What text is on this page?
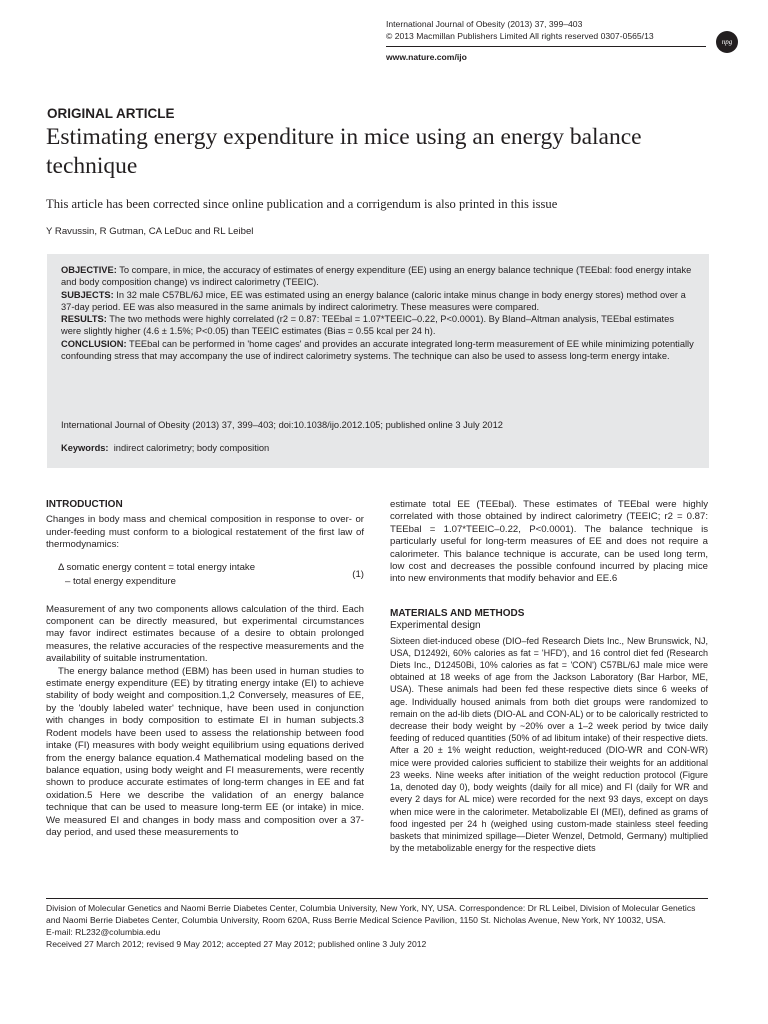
International Journal of Obesity (2013) 37, 399–403
© 2013 Macmillan Publishers Limited All rights reserved 0307-0565/13
www.nature.com/ijo
npg
ORIGINAL ARTICLE
Estimating energy expenditure in mice using an energy balance technique
This article has been corrected since online publication and a corrigendum is also printed in this issue
Y Ravussin, R Gutman, CA LeDuc and RL Leibel

OBJECTIVE: To compare, in mice, the accuracy of estimates of energy expenditure (EE) using an energy balance technique (TEEbal: food energy intake and body composition change) vs indirect calorimetry (TEEIC).

SUBJECTS: In 32 male C57BL/6J mice, EE was estimated using an energy balance (caloric intake minus change in body energy stores) method over a 37-day period. EE was also measured in the same animals by indirect calorimetry. These measures were compared.

RESULTS: The two methods were highly correlated (r2 = 0.87: TEEbal = 1.07*TEEIC–0.22, P<0.0001). By Bland–Altman analysis, TEEbal estimates were slightly higher (4.6 ± 1.5%; P<0.05) than TEEIC estimates (Bias = 0.55 kcal per 24 h).

CONCLUSION: TEEbal can be performed in 'home cages' and provides an accurate integrated long-term measurement of EE while minimizing potentially confounding stress that may accompany the use of indirect calorimetry systems. The technique can also be used to assess long-term energy intake.

International Journal of Obesity (2013) 37, 399–403; doi:10.1038/ijo.2012.105; published online 3 July 2012
Keywords: indirect calorimetry; body composition
INTRODUCTION

Changes in body mass and chemical composition in response to over- or under-feeding must conform to a biological restatement of the first law of thermodynamics:

Δ somatic energy content = total energy intake
– total energy expenditure
(1)

Measurement of any two components allows calculation of the third. Each component can be directly measured, but experimental circumstances may favor indirect estimates because of a desire to obtain prolonged measures, the relative accuracies of the respective measurements and the availability of suitable instrumentation.

The energy balance method (EBM) has been used in human studies to estimate energy expenditure (EE) by titrating energy intake (EI) to achieve stability of body weight and composition.1,2 Conversely, measures of EE, by the 'doubly labeled water' technique, have been used in conjunction with changes in body composition to estimate EI in human subjects.3 Rodent models have been used to assess the relationship between food intake (FI) measures with body weight equilibrium using equations derived from the energy balance equation.4 Mathematical modeling based on the balance equation, using body weight and FI measurements, were recently shown to produce accurate estimates of long-term changes in EE and fat oxidation.5 Here we describe the validation of an energy balance technique that can be used to measure long-term EE (or intake) in mice. We measured EI and changes in body mass and composition over a 37-day period, and used these measurements to

estimate total EE (TEEbal). These estimates of TEEbal were highly correlated with those obtained by indirect calorimetry (TEEIC; r2 = 0.87: TEEbal = 1.07*TEEIC–0.22, P<0.0001). The balance technique is particularly useful for long-term measures of EE and does not require a calorimeter. This balance technique is accurate, can be used long term, low cost and decreases the possible confound incurred by placing mice into new environments that modify behavior and EE.6

MATERIALS AND METHODS

Experimental design

Sixteen diet-induced obese (DIO–fed Research Diets Inc., New Brunswick, NJ, USA, D12492i, 60% calories as fat = 'HFD'), and 16 control diet fed (Research Diets Inc., D12450Bi, 10% calories as fat = 'CON') C57BL/6J male mice were obtained at 18 weeks of age from the Jackson Laboratory (Bar Harbor, ME, USA). These animals had been fed these respective diets since 6 weeks of age. Individually housed animals from both diet groups were randomized to remain on the ad-lib diets (DIO-AL and CON-AL) or to be calorically restricted to decrease their body weight by ~20% over a 1–2 week period by twice daily feeding of reduced quantities (50% of ad libitum intake) of their respective diets. After a 20 ± 1% weight reduction, weight-reduced (DIO-WR and CON-WR) mice were provided calories sufficient to stabilize their weights for an additional 23 weeks. Nine weeks after initiation of the weight reduction protocol (Figure 1a, denoted day 0), body weights (daily for all mice) and FI (daily for WR and every 2 days for AL mice) were recorded for the next 93 days, except on days when mice were in the calorimeter. Metabolizable EI (MEI), defined as grams of food ingested per 24 h (weighed using custom-made stainless steel feeding baskets that minimized spillage—Dieter Wenzel, Detmold, Germany) multiplied by the metabolizable energy for the respective diets

Division of Molecular Genetics and Naomi Berrie Diabetes Center, Columbia University, New York, NY, USA. Correspondence: Dr RL Leibel, Division of Molecular Genetics and Naomi Berrie Diabetes Center, Columbia University, Room 620A, Russ Berrie Medical Science Pavilion, 1150 St. Nicholas Avenue, New York, NY 10032, USA.

E-mail: RL232@columbia.edu

Received 27 March 2012; revised 9 May 2012; accepted 27 May 2012; published online 3 July 2012
